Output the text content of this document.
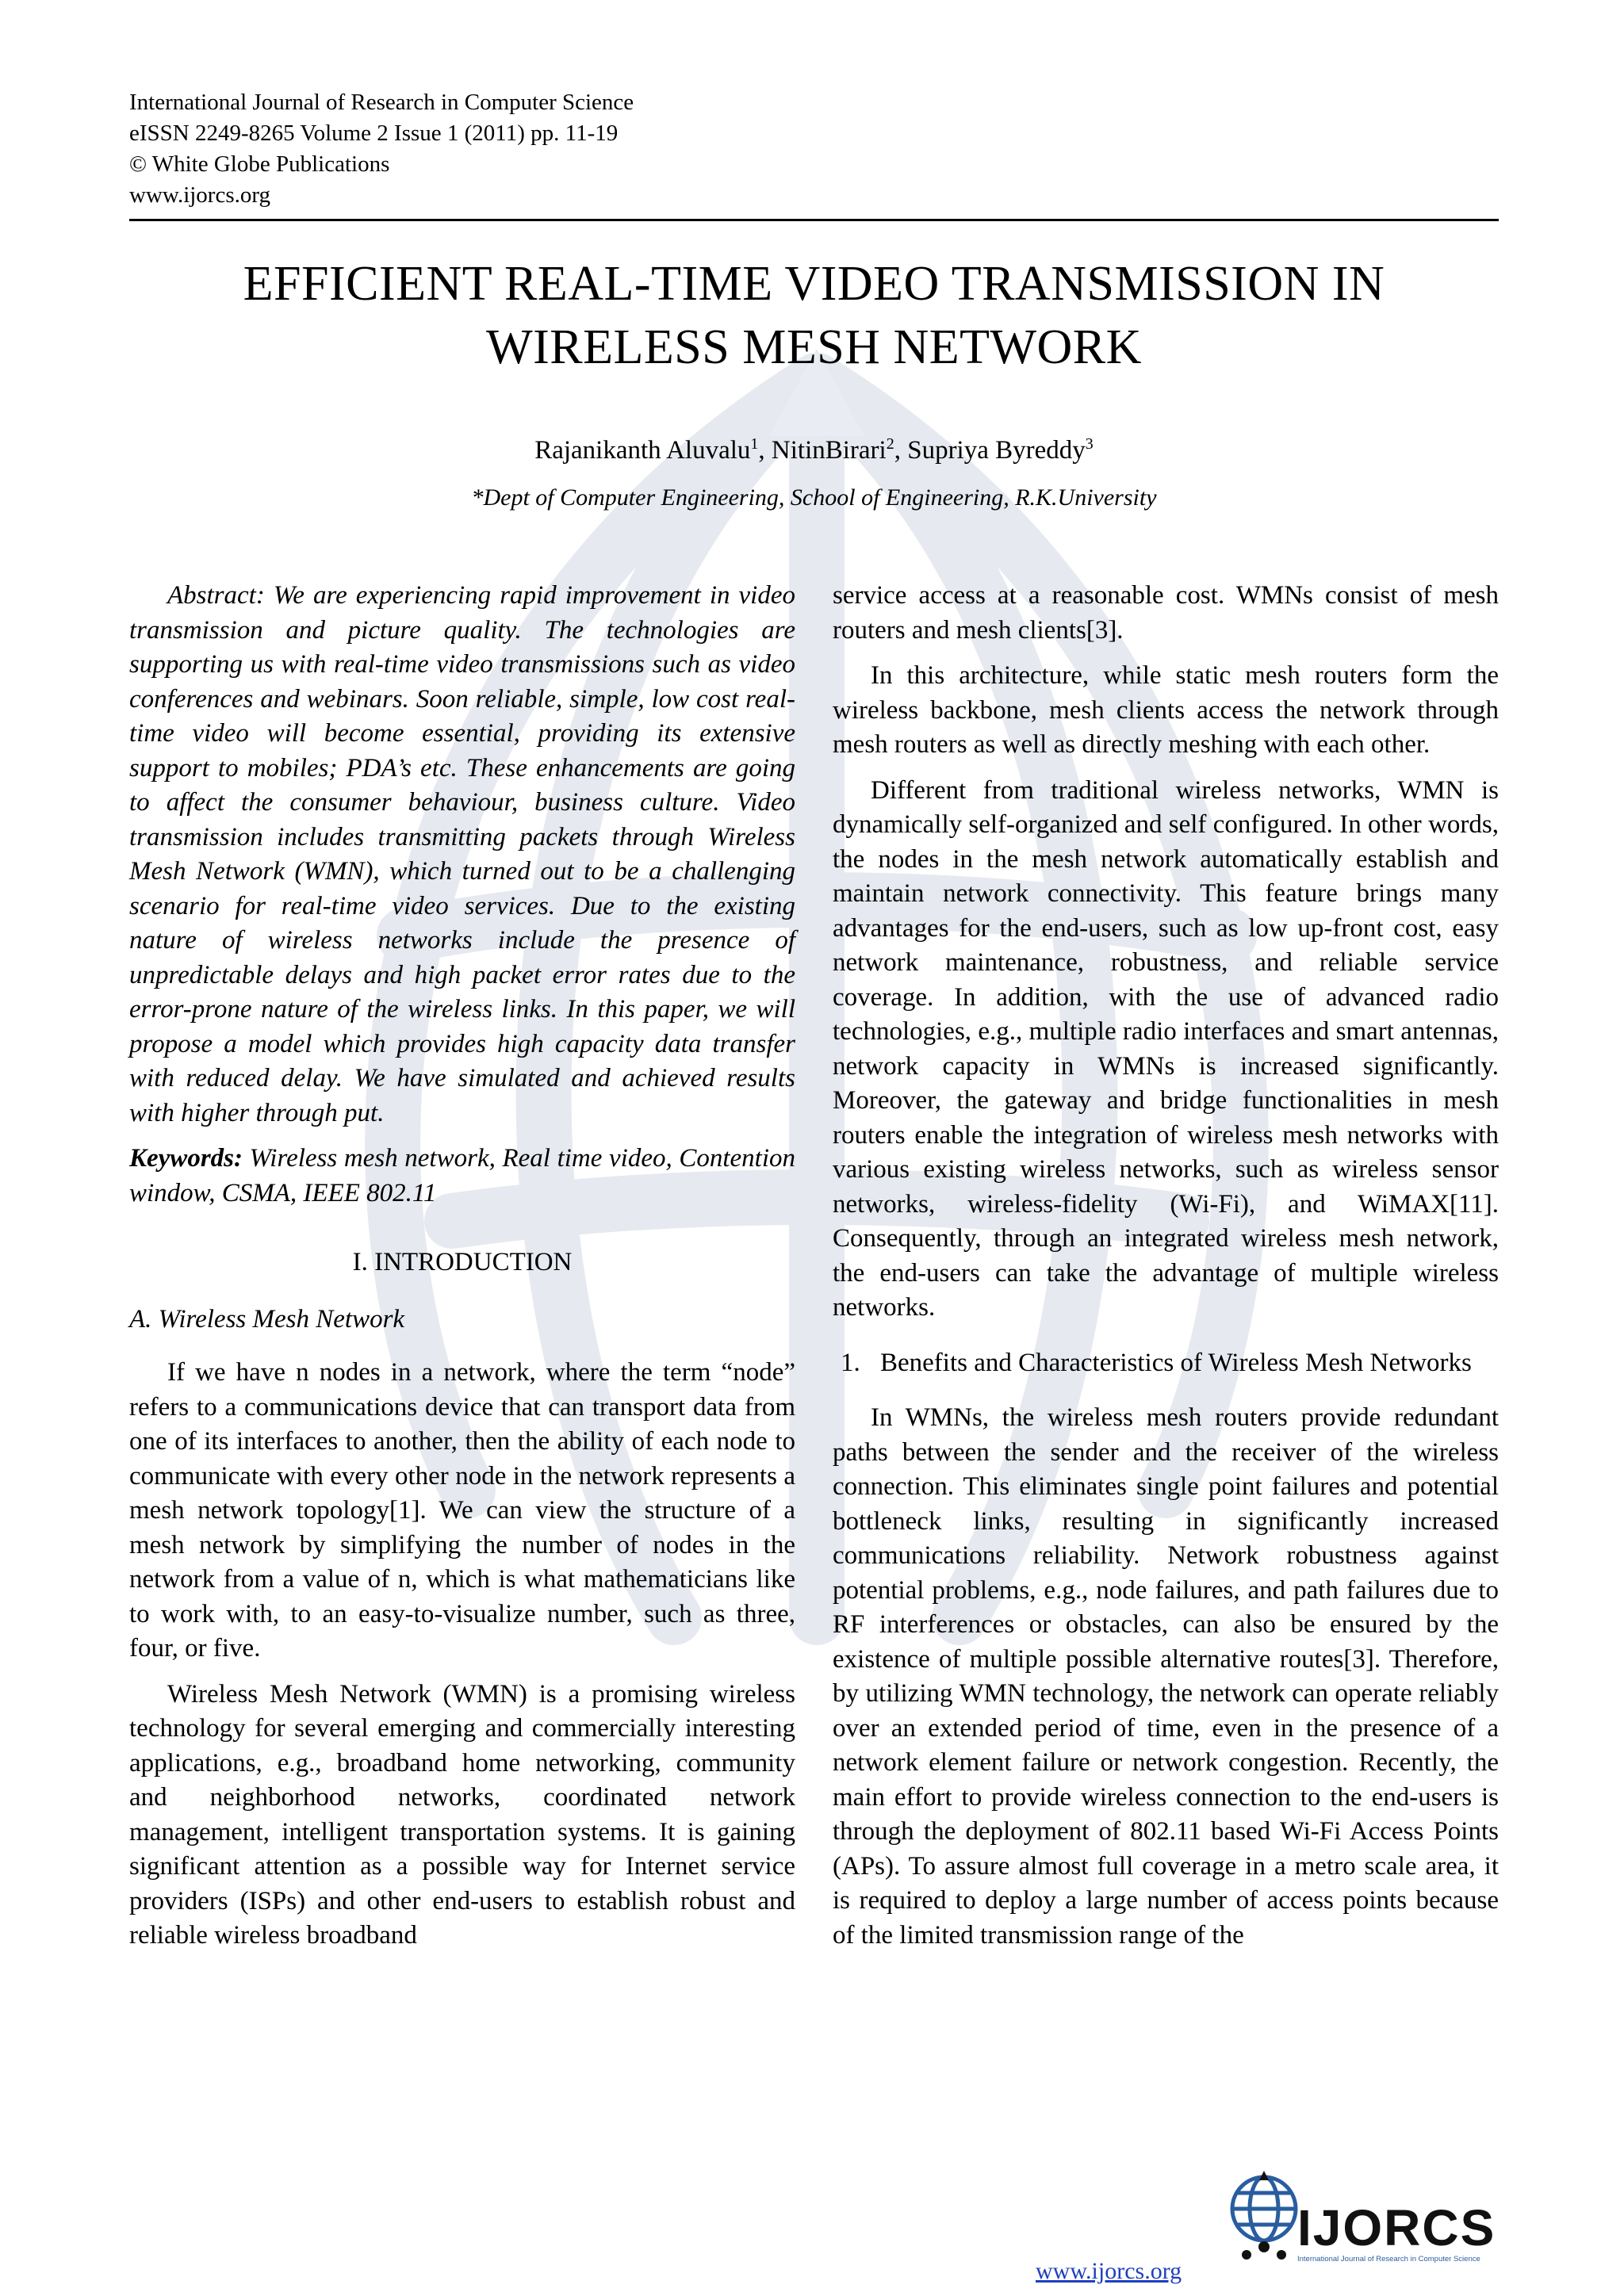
International Journal of Research in Computer Science
eISSN 2249-8265 Volume 2 Issue 1 (2011) pp. 11-19
© White Globe Publications
www.ijorcs.org
EFFICIENT REAL-TIME VIDEO TRANSMISSION IN
WIRELESS MESH NETWORK
Rajanikanth Aluvalu$^1$, NitinBirari$^2$, Supriya Byreddy$^3$
*Dept of Computer Engineering, School of Engineering, R.K.University

Abstract: We are experiencing rapid improvement in video transmission and picture quality. The technologies are supporting us with real-time video transmissions such as video conferences and webinars. Soon reliable, simple, low cost real-time video will become essential, providing its extensive support to mobiles; PDA’s etc. These enhancements are going to affect the consumer behaviour, business culture. Video transmission includes transmitting packets through Wireless Mesh Network (WMN), which turned out to be a challenging scenario for real-time video services. Due to the existing nature of wireless networks include the presence of unpredictable delays and high packet error rates due to the error-prone nature of the wireless links. In this paper, we will propose a model which provides high capacity data transfer with reduced delay. We have simulated and achieved results with higher through put.

Keywords: Wireless mesh network, Real time video, Contention window, CSMA, IEEE 802.11

I. INTRODUCTION

A. Wireless Mesh Network

If we have n nodes in a network, where the term “node” refers to a communications device that can transport data from one of its interfaces to another, then the ability of each node to communicate with every other node in the network represents a mesh network topology[1]. We can view the structure of a mesh network by simplifying the number of nodes in the network from a value of n, which is what mathematicians like to work with, to an easy-to-visualize number, such as three, four, or five.

Wireless Mesh Network (WMN) is a promising wireless technology for several emerging and commercially interesting applications, e.g., broadband home networking, community and neighborhood networks, coordinated network management, intelligent transportation systems. It is gaining significant attention as a possible way for Internet service providers (ISPs) and other end-users to establish robust and reliable wireless broadband

service access at a reasonable cost. WMNs consist of mesh routers and mesh clients[3].

In this architecture, while static mesh routers form the wireless backbone, mesh clients access the network through mesh routers as well as directly meshing with each other.

Different from traditional wireless networks, WMN is dynamically self-organized and self configured. In other words, the nodes in the mesh network automatically establish and maintain network connectivity. This feature brings many advantages for the end-users, such as low up-front cost, easy network maintenance, robustness, and reliable service coverage. In addition, with the use of advanced radio technologies, e.g., multiple radio interfaces and smart antennas, network capacity in WMNs is increased significantly. Moreover, the gateway and bridge functionalities in mesh routers enable the integration of wireless mesh networks with various existing wireless networks, such as wireless sensor networks, wireless-fidelity (Wi-Fi), and WiMAX[11]. Consequently, through an integrated wireless mesh network, the end-users can take the advantage of multiple wireless networks.

1. Benefits and Characteristics of Wireless Mesh Networks

In WMNs, the wireless mesh routers provide redundant paths between the sender and the receiver of the wireless connection. This eliminates single point failures and potential bottleneck links, resulting in significantly increased communications reliability. Network robustness against potential problems, e.g., node failures, and path failures due to RF interferences or obstacles, can also be ensured by the existence of multiple possible alternative routes[3]. Therefore, by utilizing WMN technology, the network can operate reliably over an extended period of time, even in the presence of a network element failure or network congestion. Recently, the main effort to provide wireless connection to the end-users is through the deployment of 802.11 based Wi-Fi Access Points (APs). To assure almost full coverage in a metro scale area, it is required to deploy a large number of access points because of the limited transmission range of the

www.ijorcs.org
IJORCS
International Journal of Research in Computer Science
